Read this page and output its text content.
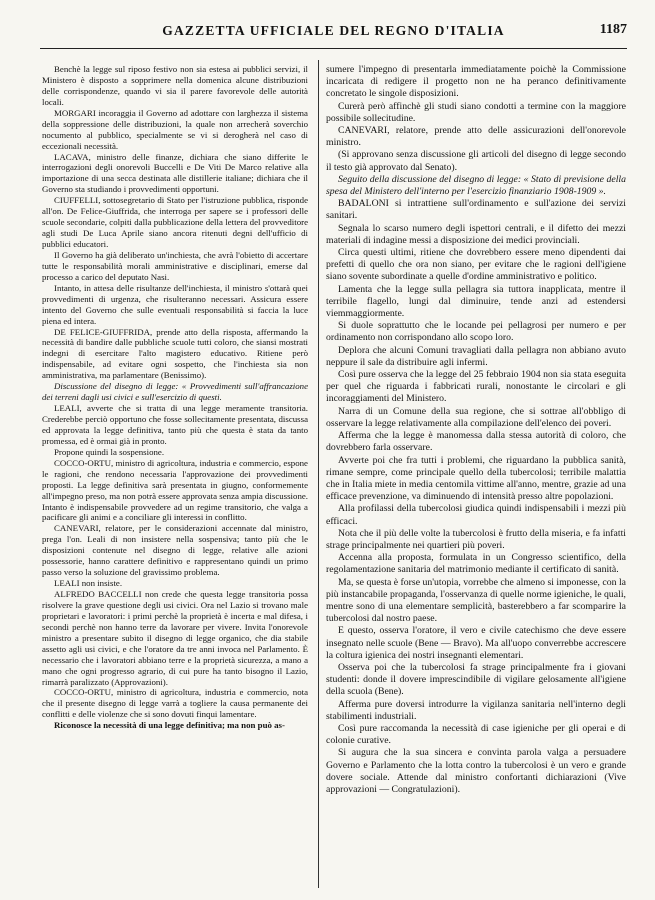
GAZZETTA UFFICIALE DEL REGNO D'ITALIA	1187

Benchè la legge sul riposo festivo non sia estesa ai pubblici servizi, il Ministero è disposto a sopprimere nella domenica alcune distribuzioni delle corrispondenze, quando vi sia il parere favorevole delle autorità locali.

MORGARI incoraggia il Governo ad adottare con larghezza il sistema della soppressione delle distribuzioni, la quale non arrecherà soverchio nocumento al pubblico, specialmente se vi si derogherà nel caso di eccezionali necessità.

LACAVA, ministro delle finanze, dichiara che siano differite le interrogazioni degli onorevoli Buccelli e De Viti De Marco relative alla importazione di una secca destinata alle distillerie italiane; dichiara che il Governo sta studiando i provvedimenti opportuni.

CIUFFELLI, sottosegretario di Stato per l'istruzione pubblica, risponde all'on. De Felice-Giuffrida, che interroga per sapere se i professori delle scuole secondarie, colpiti dalla pubblicazione della lettera del provveditore agli studi De Luca Aprile siano ancora ritenuti degni dell'ufficio di pubblici educatori.

Il Governo ha già deliberato un'inchiesta, che avrà l'obietto di accertare tutte le responsabilità morali amministrative e disciplinari, emerse dal processo a carico del deputato Nasi.

Intanto, in attesa delle risultanze dell'inchiesta, il ministro s'ottarà quei provvedimenti di urgenza, che risulteranno necessari. Assicura essere intento del Governo che sulle eventuali responsabilità si faccia la luce piena ed intera.

DE FELICE-GIUFFRIDA, prende atto della risposta, affermando la necessità di bandire dalle pubbliche scuole tutti coloro, che siansi mostrati indegni di esercitare l'alto magistero educativo. Ritiene però indispensabile, ad evitare ogni sospetto, che l'inchiesta sia non amministrativa, ma parlamentare (Benissimo).

Discussione del disegno di legge: « Provvedimenti sull'affrancazione dei terreni dagli usi civici e sull'esercizio di questi.

LEALI, avverte che si tratta di una legge meramente transitoria. Crederebbe perciò opportuno che fosse sollecitamente presentata, discussa ed approvata la legge definitiva, tanto più che questa è stata da tanto promessa, ed è ormai già in pronto.

Propone quindi la sospensione.

COCCO-ORTU, ministro di agricoltura, industria e commercio, espone le ragioni, che rendono necessaria l'approvazione dei provvedimenti proposti. La legge definitiva sarà presentata in giugno, conformemente all'impegno preso, ma non potrà essere approvata senza ampia discussione. Intanto è indispensabile provvedere ad un regime transitorio, che valga a pacificare gli animi e a conciliare gli interessi in conflitto.

CANEVARI, relatore, per le considerazioni accennate dal ministro, prega l'on. Leali di non insistere nella sospensiva; tanto più che le disposizioni contenute nel disegno di legge, relative alle azioni possessorie, hanno carattere definitivo e rappresentano quindi un primo passo verso la soluzione del gravissimo problema.

LEALI non insiste.

ALFREDO BACCELLI non crede che questa legge transitoria possa risolvere la grave questione degli usi civici. Ora nel Lazio si trovano male proprietari e lavoratori: i primi perchè la proprietà è incerta e mal difesa, i secondi perchè non hanno terre da lavorare per vivere. Invita l'onorevole ministro a presentare subito il disegno di legge organico, che dia stabile assetto agli usi civici, e che l'oratore da tre anni invoca nel Parlamento. È necessario che i lavoratori abbiano terre e la proprietà sicurezza, a mano a mano che ogni progresso agrario, di cui pure ha tanto bisogno il Lazio, rimarrà paralizzato (Approvazioni).

COCCO-ORTU, ministro di agricoltura, industria e commercio, nota che il presente disegno di legge varrà a togliere la causa permanente dei conflitti e delle violenze che si sono dovuti finqui lamentare.

Riconosce la necessità di una legge definitiva; ma non può as-

sumere l'impegno di presentarla immediatamente poichè la Commissione incaricata di redigere il progetto non ne ha peranco definitivamente concretato le singole disposizioni.

Curerà però affinchè gli studi siano condotti a termine con la maggiore possibile sollecitudine.

CANEVARI, relatore, prende atto delle assicurazioni dell'onorevole ministro.

(Si approvano senza discussione gli articoli del disegno di legge secondo il testo già approvato dal Senato).

Seguito della discussione del disegno di legge: « Stato di previsione della spesa del Ministero dell'interno per l'esercizio finanziario 1908-1909 ».

BADALONI si intrattiene sull'ordinamento e sull'azione dei servizi sanitari.

Segnala lo scarso numero degli ispettori centrali, e il difetto dei mezzi materiali di indagine messi a disposizione dei medici provinciali.

Circa questi ultimi, ritiene che dovrebbero essere meno dipendenti dai prefetti di quello che ora non siano, per evitare che le ragioni dell'igiene siano sovente subordinate a quelle d'ordine amministrativo e politico.

Lamenta che la legge sulla pellagra sia tuttora inapplicata, mentre il terribile flagello, lungi dal diminuire, tende anzi ad estendersi viemmaggiormente.

Si duole soprattutto che le locande pei pellagrosi per numero e per ordinamento non corrispondano allo scopo loro.

Deplora che alcuni Comuni travagliati dalla pellagra non abbiano avuto neppure il sale da distribuire agli infermi.

Così pure osserva che la legge del 25 febbraio 1904 non sia stata eseguita per quel che riguarda i fabbricati rurali, nonostante le circolari e gli incoraggiamenti del Ministero.

Narra di un Comune della sua regione, che si sottrae all'obbligo di osservare la legge relativamente alla compilazione dell'elenco dei poveri.

Afferma che la legge è manomessa dalla stessa autorità di coloro, che dovrebbero farla osservare.

Avverte poi che fra tutti i problemi, che riguardano la pubblica sanità, rimane sempre, come principale quello della tubercolosi; terribile malattia che in Italia miete in media centomila vittime all'anno, mentre, grazie ad una efficace prevenzione, va diminuendo di intensità presso altre popolazioni.

Alla profilassi della tubercolosi giudica quindi indispensabili i mezzi più efficaci.

Nota che il più delle volte la tubercolosi è frutto della miseria, e fa infatti strage principalmente nei quartieri più poveri.

Accenna alla proposta, formulata in un Congresso scientifico, della regolamentazione sanitaria del matrimonio mediante il certificato di sanità.

Ma, se questa è forse un'utopia, vorrebbe che almeno si imponesse, con la più instancabile propaganda, l'osservanza di quelle norme igieniche, le quali, mentre sono di una elementare semplicità, basterebbero a far scomparire la tubercolosi dal nostro paese.

E questo, osserva l'oratore, il vero e civile catechismo che deve essere insegnato nelle scuole (Bene — Bravo). Ma all'uopo converrebbe accrescere la coltura igienica dei nostri insegnanti elementari.

Osserva poi che la tubercolosi fa strage principalmente fra i giovani studenti: donde il dovere imprescindibile di vigilare gelosamente all'igiene della scuola (Bene).

Afferma pure doversi introdurre la vigilanza sanitaria nell'interno degli stabilimenti industriali.

Così pure raccomanda la necessità di case igieniche per gli operai e di colonie curative.

Si augura che la sua sincera e convinta parola valga a persuadere Governo e Parlamento che la lotta contro la tubercolosi è un vero e grande dovere sociale. Attende dal ministro confortanti dichiarazioni (Vive approvazioni — Congratulazioni).
